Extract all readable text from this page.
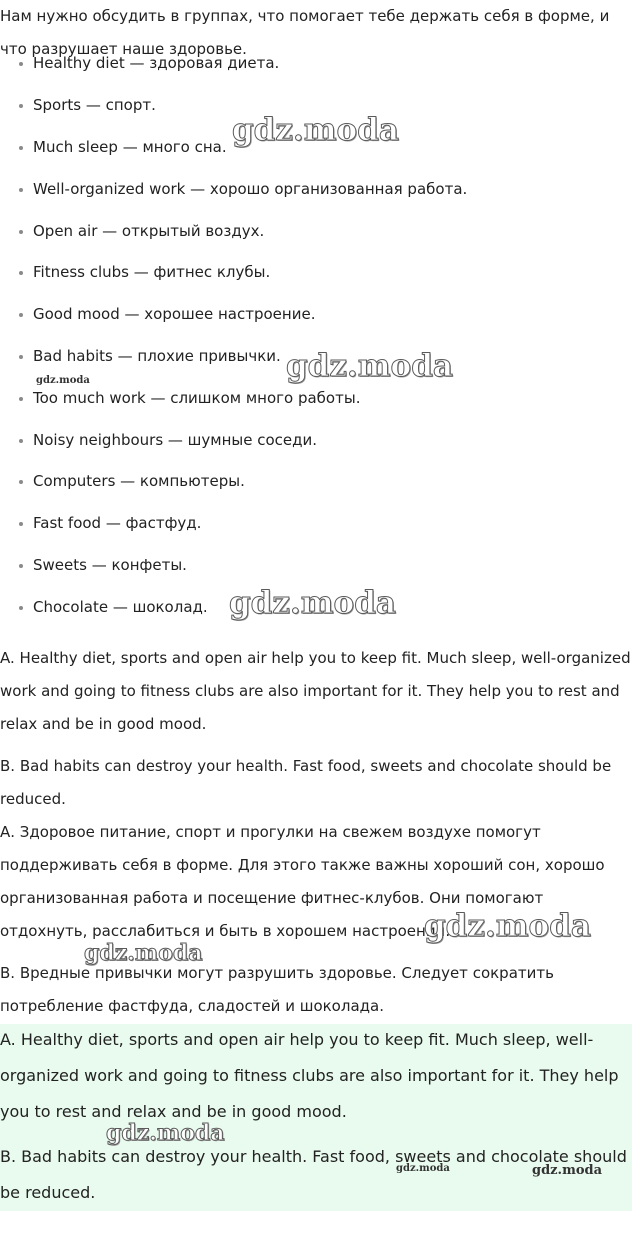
Нам нужно обсудить в группах, что помогает тебе держать себя в форме, и что разрушает наше здоровье.
Healthy diet — здоровая диета.
Sports — спорт.
Much sleep — много сна.
Well-organized work — хорошо организованная работа.
Open air — открытый воздух.
Fitness clubs — фитнес клубы.
Good mood — хорошее настроение.
Bad habits — плохие привычки.
Too much work — слишком много работы.
Noisy neighbours — шумные соседи.
Computers — компьютеры.
Fast food — фастфуд.
Sweets — конфеты.
Chocolate — шоколад.
A. Healthy diet, sports and open air help you to keep fit. Much sleep, well-organized work and going to fitness clubs are also important for it. They help you to rest and relax and be in good mood.
B. Bad habits can destroy your health. Fast food, sweets and chocolate should be reduced.
А. Здоровое питание, спорт и прогулки на свежем воздухе помогут поддерживать себя в форме. Для этого также важны хороший сон, хорошо организованная работа и посещение фитнес-клубов. Они помогают отдохнуть, расслабиться и быть в хорошем настроении.
В. Вредные привычки могут разрушить здоровье. Следует сократить потребление фастфуда, сладостей и шоколада.
A. Healthy diet, sports and open air help you to keep fit. Much sleep, well-organized work and going to fitness clubs are also important for it. They help you to rest and relax and be in good mood.
B. Bad habits can destroy your health. Fast food, sweets and chocolate should be reduced.
gdz.moda
gdz.moda
gdz.moda
gdz.moda
gdz.moda
gdz.moda
gdz.moda
gdz.moda	gdz.moda
